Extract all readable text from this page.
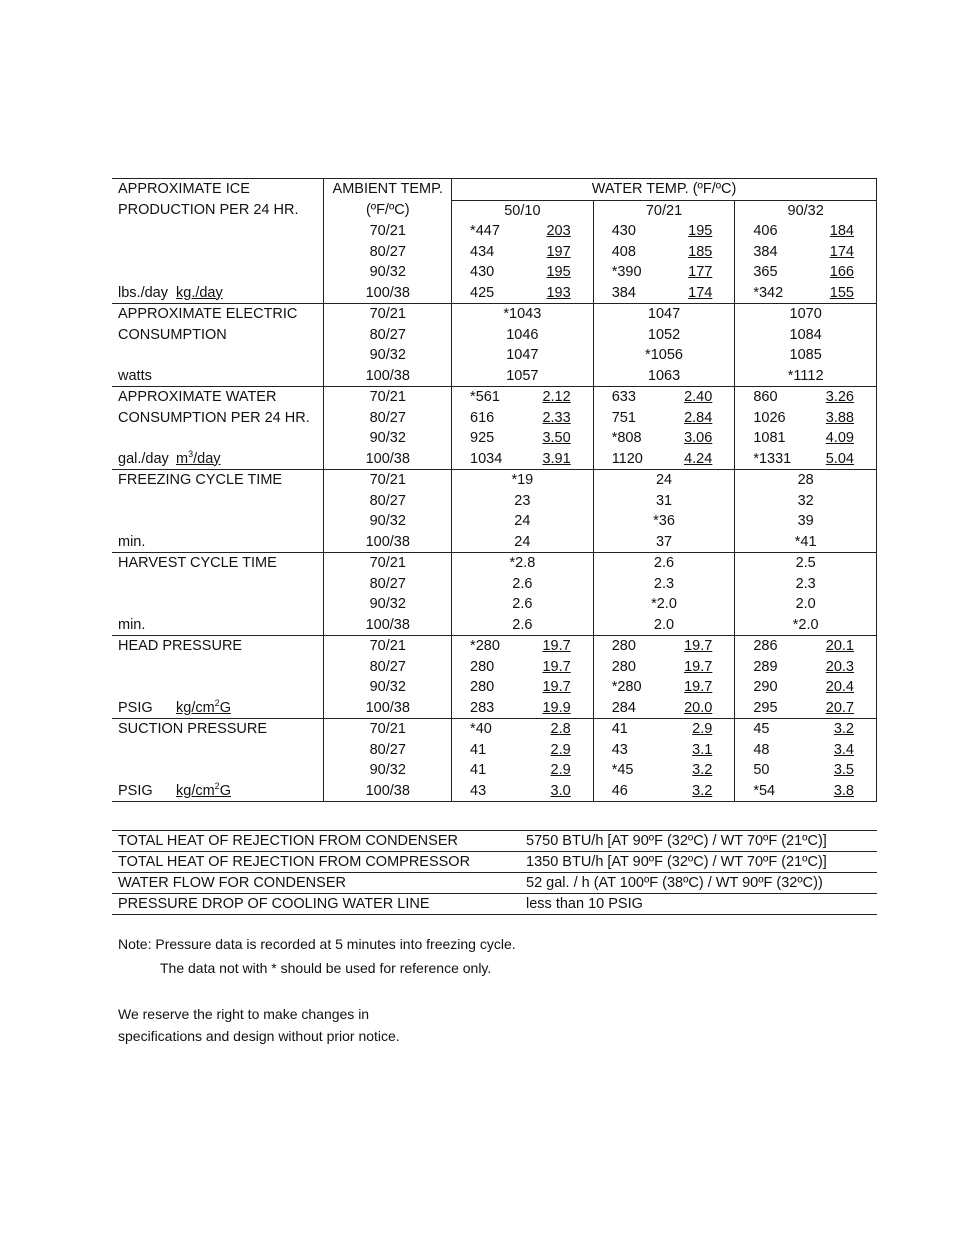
APPROXIMATE ICE	AMBIENT TEMP.	WATER TEMP. (ºF/ºC)		
PRODUCTION PER 24 HR.	(ºF/ºC)	50/10	70/21	90/32
	70/21	*447 203	430 195	406 184

	80/27	434 197	408 185	384 174

	90/32	430 195	*390 177	365 166

lbs./day kg./day	100/38	425 193	384 174	*342 155

APPROXIMATE ELECTRIC	70/21	*1043	1047	1070

CONSUMPTION	80/27	1046	1052	1084

	90/32	1047	*1056	1085

watts	100/38	1057	1063	*1112

APPROXIMATE WATER	70/21	*561 2.12	633 2.40	860 3.26

CONSUMPTION PER 24 HR.	80/27	616 2.33	751 2.84	1026 3.88

	90/32	925 3.50	*808 3.06	1081 4.09

gal./day $m^3$/day	100/38	1034 3.91	1120 4.24	*1331 5.04

FREEZING CYCLE TIME	70/21	*19	24	28

	80/27	23	31	32

	90/32	24	*36	39

min.	100/38	24	37	*41

HARVEST CYCLE TIME	70/21	*2.8	2.6	2.5

	80/27	2.6	2.3	2.3

	90/32	2.6	*2.0	2.0

min.	100/38	2.6	2.0	*2.0

HEAD PRESSURE	70/21	*280 19.7	280 19.7	286 20.1

	80/27	280 19.7	280 19.7	289 20.3

	90/32	280 19.7	*280 19.7	290 20.4

PSIG $kg/cm^2G$	100/38	283 19.9	284 20.0	295 20.7

SUCTION PRESSURE	70/21	*40 2.8	41 2.9	45 3.2

	80/27	41 2.9	43 3.1	48 3.4

	90/32	41 2.9	*45 3.2	50 3.5

PSIG $kg/cm^2G$	100/38	43 3.0	46 3.2	*54 3.8
TOTAL HEAT OF REJECTION FROM CONDENSER	5750 BTU/h [AT 90ºF (32ºC) / WT 70ºF (21ºC)]
TOTAL HEAT OF REJECTION FROM COMPRESSOR	1350 BTU/h [AT 90ºF (32ºC) / WT 70ºF (21ºC)]
WATER FLOW FOR CONDENSER	52 gal. / h (AT 100ºF (38ºC) / WT 90ºF (32ºC))
PRESSURE DROP OF COOLING WATER LINE	less than 10 PSIG
Note: Pressure data is recorded at 5 minutes into freezing cycle.
The data not with * should be used for reference only.
We reserve the right to make changes in
specifications and design without prior notice.
